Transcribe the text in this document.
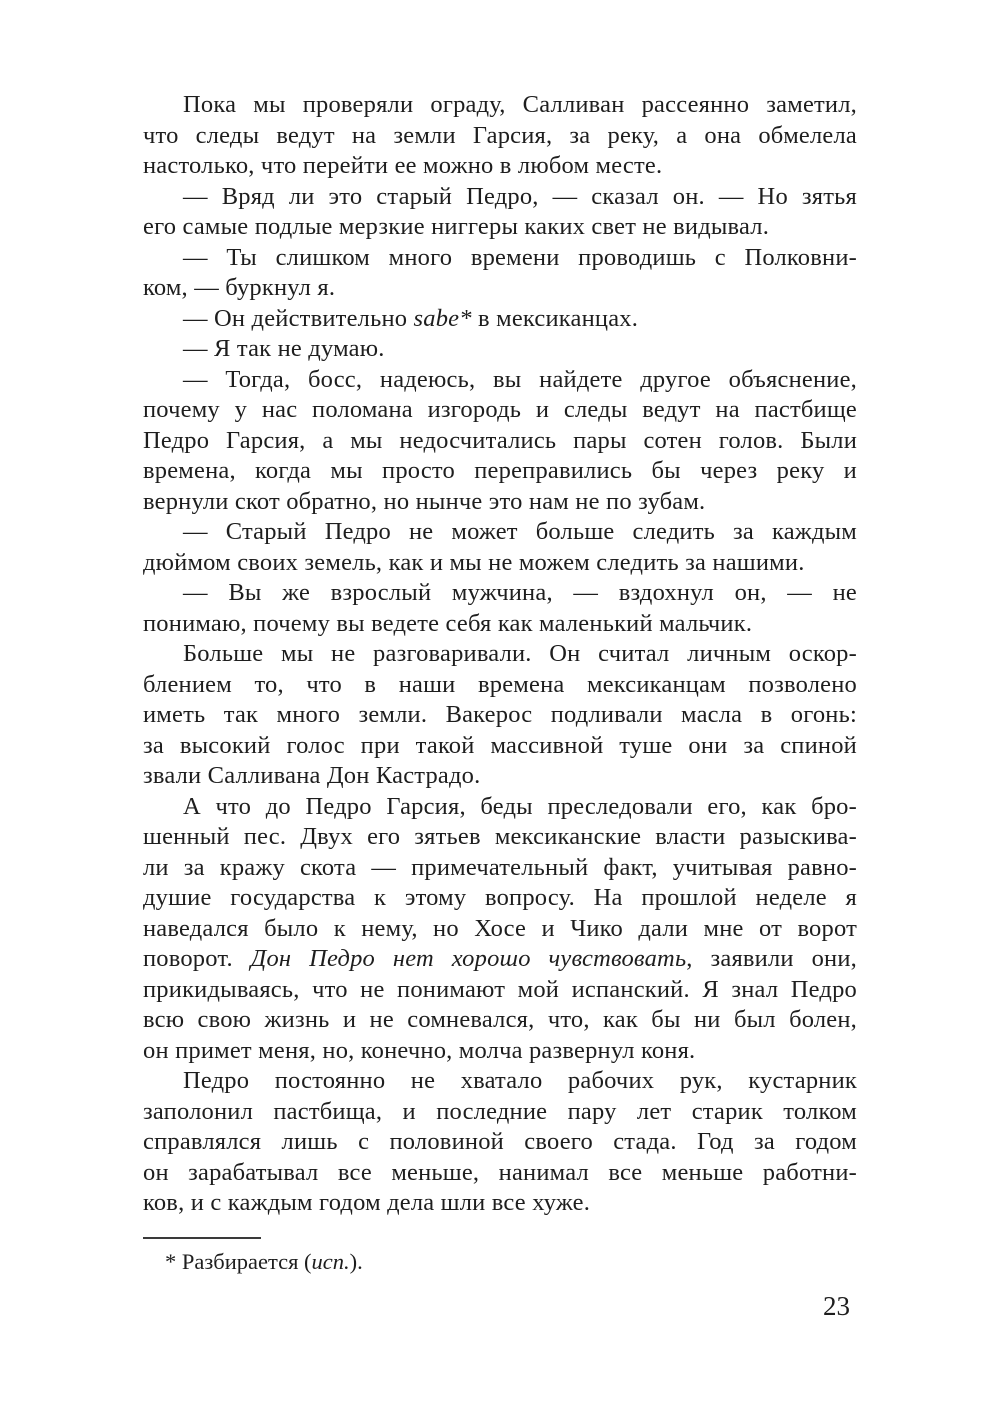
Пока мы проверяли ограду, Салливан рассеянно заметил,
что следы ведут на земли Гарсия, за реку, а она обмелела
настолько, что перейти ее можно в любом месте.
— Вряд ли это старый Педро, — сказал он. — Но зятья
его самые подлые мерзкие ниггеры каких свет не видывал.
— Ты слишком много времени проводишь с Полковни-
ком, — буркнул я.
— Он действительно sabe* в мексиканцах.
— Я так не думаю.
— Тогда, босс, надеюсь, вы найдете другое объяснение,
почему у нас поломана изгородь и следы ведут на пастбище
Педро Гарсия, а мы недосчитались пары сотен голов. Были
времена, когда мы просто переправились бы через реку и
вернули скот обратно, но нынче это нам не по зубам.
— Старый Педро не может больше следить за каждым
дюймом своих земель, как и мы не можем следить за нашими.
— Вы же взрослый мужчина, — вздохнул он, — не
понимаю, почему вы ведете себя как маленький мальчик.
Больше мы не разговаривали. Он считал личным оскор-
блением то, что в наши времена мексиканцам позволено
иметь так много земли. Вакерос подливали масла в огонь:
за высокий голос при такой массивной туше они за спиной
звали Салливана Дон Кастрадо.
А что до Педро Гарсия, беды преследовали его, как бро-
шенный пес. Двух его зятьев мексиканские власти разыскива-
ли за кражу скота — примечательный факт, учитывая равно-
душие государства к этому вопросу. На прошлой неделе я
наведался было к нему, но Хосе и Чико дали мне от ворот
поворот. Дон Педро нет хорошо чувствовать, заявили они,
прикидываясь, что не понимают мой испанский. Я знал Педро
всю свою жизнь и не сомневался, что, как бы ни был болен,
он примет меня, но, конечно, молча развернул коня.
Педро постоянно не хватало рабочих рук, кустарник
заполонил пастбища, и последние пару лет старик толком
справлялся лишь с половиной своего стада. Год за годом
он зарабатывал все меньше, нанимал все меньше работни-
ков, и с каждым годом дела шли все хуже.
* Разбирается (исп.).
23
